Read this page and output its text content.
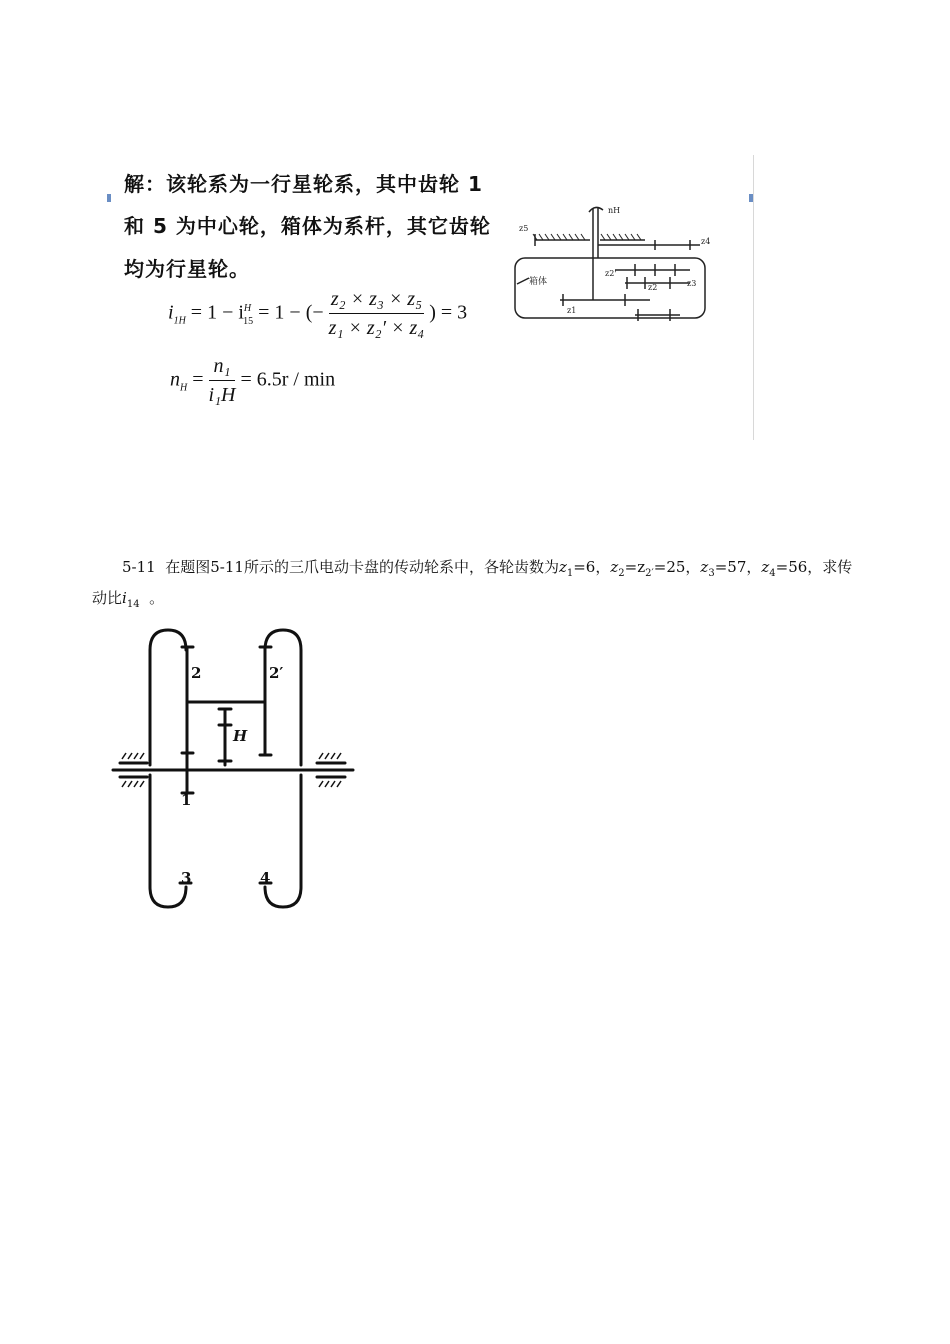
解：该轮系为一行星轮系，其中齿轮 1
和 5 为中心轮，箱体为系杆，其它齿轮
均为行星轮。
$i_{1H} = 1 - i^H_{15} = 1$ − (− $\frac{\text{z₂ × z₃ × z₅}}{\text{z₁ × z₂′ × z₄}}$ ) = 3
$n_H = \frac{\text{n₁}}{\text{i₁H}} = 6.5r / \min$
nH
z5
z4
箱体	z3
z2'
z2
z1
5-11 在题图5-11所示的三爪电动卡盘的传动轮系中，各轮齿数为$z_1=6$，$z_2=z_{2'}=25$，$z_3=57$，$z_4=56$，求传
动比$i_{14}$ 。
2	2′
H
1
3	4
